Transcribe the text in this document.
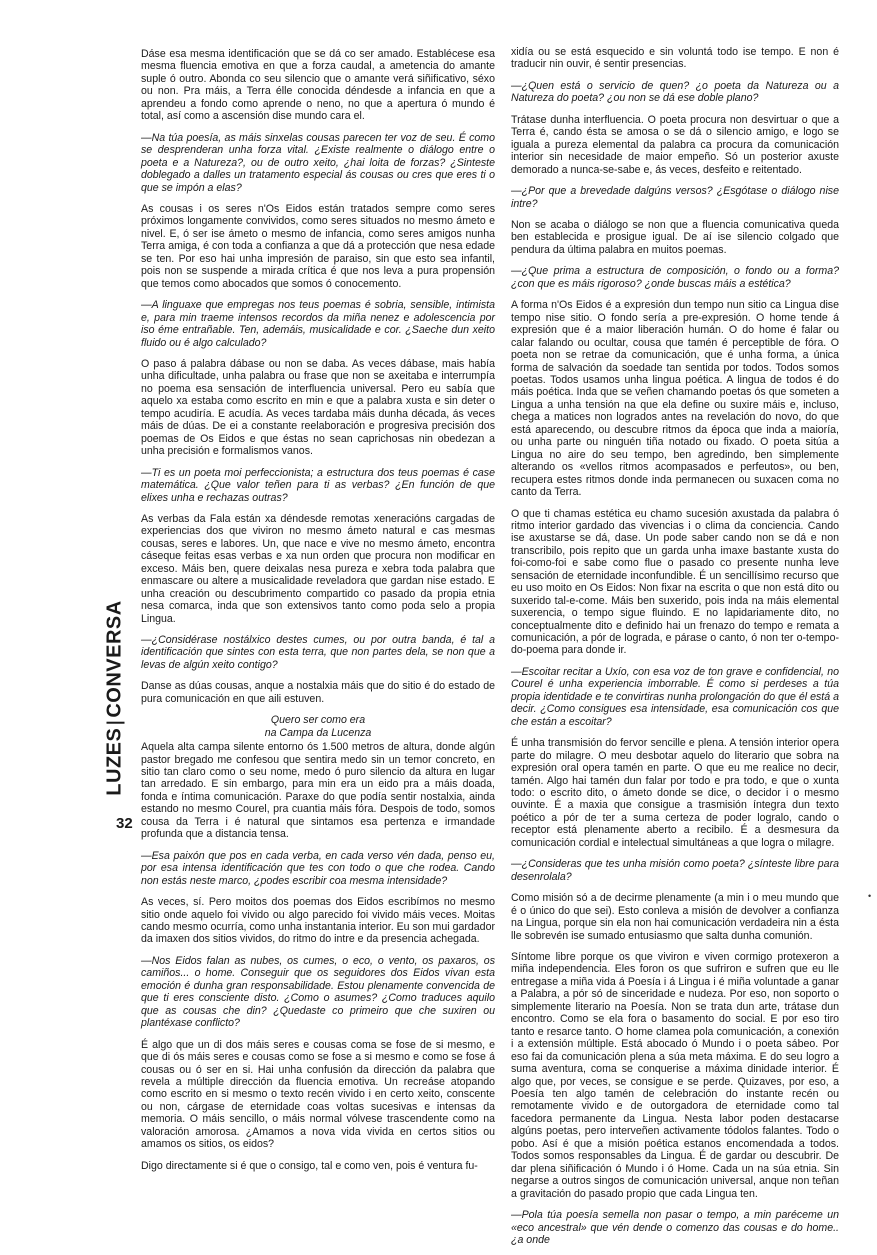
Dáse esa mesma identificación que se dá co ser amado. Establécese esa mesma fluencia emotiva en que a forza caudal, a ametencia do amante suple ó outro. Abonda co seu silencio que o amante verá siñificativo, séxo ou non. Pra máis, a Terra élle conocida déndesde a infancia en que a aprendeu a fondo como aprende o neno, no que a apertura ó mundo é total, así como a ascensión dise mundo cara el.

—Na túa poesía, as máis sinxelas cousas parecen ter voz de seu. É como se desprenderan unha forza vital. ¿Existe realmente o diálogo entre o poeta e a Natureza?, ou de outro xeito, ¿hai loita de forzas? ¿Sinteste doblegado a dalles un tratamento especial ás cousas ou cres que eres ti o que se impón a elas?

As cousas i os seres n'Os Eidos están tratados sempre como seres próximos longamente convividos, como seres situados no mesmo ámeto e nivel. E, ó ser ise ámeto o mesmo de infancia, como seres amigos nunha Terra amiga, é con toda a confianza a que dá a protección que nesa edade se ten. Por eso hai unha impresión de paraiso, sin que esto sea infantil, pois non se suspende a mirada crítica é que nos leva a pura propensión que temos como abocados que somos ó conocemento.

—A linguaxe que empregas nos teus poemas é sobria, sensible, intimista e, para min traeme intensos recordos da miña nenez e adolescencia por iso éme entrañable. Ten, ademáis, musicalidade e cor. ¿Saeche dun xeito fluido ou é algo calculado?

O paso á palabra dábase ou non se daba. As veces dábase, mais había unha dificultade, unha palabra ou frase que non se axeitaba e interrumpía no poema esa sensación de interfluencia universal. Pero eu sabía que aquelo xa estaba como escrito en min e que a palabra xusta e sin deter o tempo acudiría. E acudía. As veces tardaba máis dunha década, ás veces máis de dúas. De ei a constante reelaboración e progresiva precisión dos poemas de Os Eidos e que éstas no sean caprichosas nin obedezan a unha precisión e formalismos vanos.

—Ti es un poeta moi perfeccionista; a estructura dos teus poemas é case matemática. ¿Que valor teñen para ti as verbas? ¿En función de que elixes unha e rechazas outras?

As verbas da Fala están xa déndesde remotas xeneracións cargadas de experiencias dos que viviron no mesmo ámeto natural e cas mesmas cousas, seres e labores. Un, que nace e vive no mesmo ámeto, encontra cáseque feitas esas verbas e xa nun orden que procura non modificar en exceso. Máis ben, quere deixalas nesa pureza e xebra toda palabra que enmascare ou altere a musicalidade reveladora que gardan nise estado. E unha creación ou descubrimento compartido co pasado da propia etnia nesa comarca, inda que son extensivos tanto como poda selo a propia Lingua.

—¿Considérase nostálxico destes cumes, ou por outra banda, é tal a identificación que sintes con esta terra, que non partes dela, se non que a levas de algún xeito contigo?

Danse as dúas cousas, anque a nostalxia máis que do sitio é do estado de pura comunicación en que aili estuven.

Quero ser como era
na Campa da Lucenza

Aquela alta campa silente entorno ós 1.500 metros de altura, donde algún pastor bregado me confesou que sentira medo sin un temor concreto, en sitio tan claro como o seu nome, medo ó puro silencio da altura en lugar tan arredado. E sin embargo, para min era un eido pra a máis doada, fonda e íntima comunicación. Paraxe do que podía sentir nostalxia, ainda estando no mesmo Courel, pra cuantia máis fóra. Despois de todo, somos cousa da Terra i é natural que sintamos esa pertenza e irmandade profunda que a distancia tensa.

—Esa paixón que pos en cada verba, en cada verso vén dada, penso eu, por esa intensa identificación que tes con todo o que che rodea. Cando non estás neste marco, ¿podes escribir coa mesma intensidade?

As veces, sí. Pero moitos dos poemas dos Eidos escribímos no mesmo sitio onde aquelo foi vivido ou algo parecido foi vivido máis veces. Moitas cando mesmo ocurría, como unha instantania interior. Eu son mui gardador da imaxen dos sitios vividos, do ritmo do intre e da presencia achegada.

—Nos Eidos falan as nubes, os cumes, o eco, o vento, os paxaros, os camiños... o home. Conseguir que os seguidores dos Eidos vivan esta emoción é dunha gran responsabilidade. Estou plenamente convencida de que ti eres consciente disto. ¿Como o asumes? ¿Como traduces aquilo que as cousas che din? ¿Quedaste co primeiro que che suxiren ou plantéxase conflicto?

É algo que un di dos máis seres e cousas coma se fose de si mesmo, e que di ós máis seres e cousas como se fose a si mesmo e como se fose á cousas ou ó ser en si. Hai unha confusión da dirección da palabra que revela a múltiple dirección da fluencia emotiva. Un recreáse atopando como escrito en si mesmo o texto recén vivido i en certo xeito, conscente ou non, cárgase de eternidade coas voltas sucesivas e intensas da memoria. O máis sencillo, o máis normal vólvese trascendente como na valoración amorosa. ¿Amamos a nova vida vivida en certos sitios ou amamos os sitios, os eidos?

Digo directamente si é que o consigo, tal e como ven, pois é ventura fu-

xidía ou se está esquecido e sin voluntá todo ise tempo. E non é traducir nin ouvir, é sentir presencias.

—¿Quen está o servicio de quen? ¿o poeta da Natureza ou a Natureza do poeta? ¿ou non se dá ese doble plano?

Trátase dunha interfluencia. O poeta procura non desvirtuar o que a Terra é, cando ésta se amosa o se dá o silencio amigo, e logo se iguala a pureza elemental da palabra ca procura da comunicación interior sin necesidade de maior empeño. Só un posterior axuste demorado a nunca-se-sabe e, ás veces, desfeito e reitentado.

—¿Por que a brevedade dalgúns versos? ¿Esgótase o diálogo nise intre?

Non se acaba o diálogo se non que a fluencia comunicativa queda ben establecida e prosigue igual. De aí ise silencio colgado que pendura da última palabra en muitos poemas.

—¿Que prima a estructura de composición, o fondo ou a forma? ¿con que es máis rigoroso? ¿onde buscas máis a estética?

A forma n'Os Eidos é a expresión dun tempo nun sitio ca Lingua dise tempo nise sitio. O fondo sería a pre-expresión. O home tende á expresión que é a maior liberación humán. O do home é falar ou calar falando ou ocultar, cousa que tamén é perceptible de fóra. O poeta non se retrae da comunicación, que é unha forma, a única forma de salvación da soedade tan sentida por todos. Todos somos poetas. Todos usamos unha lingua poética. A lingua de todos é do máis poética. Inda que se veñen chamando poetas ós que someten a Lingua a unha tensión na que ela define ou suxire máis e, incluso, chega a matices non logrados antes na revelación do novo, do que está aparecendo, ou descubre ritmos da época que inda a maioría, ou unha parte ou ninguén tiña notado ou fixado. O poeta sitúa a Lingua no aire do seu tempo, ben agredindo, ben simplemente alterando os «vellos ritmos acompasados e perfeutos», ou ben, recupera estes ritmos donde inda permanecen ou suxacen coma no canto da Terra.

O que ti chamas estética eu chamo sucesión axustada da palabra ó ritmo interior gardado das vivencias i o clima da conciencia. Cando ise axustarse se dá, dase. Un pode saber cando non se dá e non transcribilo, pois repito que un garda unha imaxe bastante xusta do foi-como-foi e sabe como flue o pasado co presente nunha leve sensación de eternidade inconfundible. É un sencillísimo recurso que eu uso moito en Os Eidos: Non fixar na escrita o que non está dito ou suxerido tal-e-come. Máis ben suxerido, pois inda na máis elemental suxerencia, o tempo sigue fluindo. E no lapidariamente dito, no conceptualmente dito e definido hai un frenazo do tempo e remata a comunicación, a pór de lograda, e párase o canto, ó non ter o-tempo-do-poema para donde ir.

—Escoitar recitar a Uxío, con esa voz de ton grave e confidencial, no Courel é unha experiencia imborrable. É como si perdeses a túa propia identidade e te convirtiras nunha prolongación do que él está a decir. ¿Como consigues esa intensidade, esa comunicación cos que che están a escoitar?

É unha transmisión do fervor sencille e plena. A tensión interior opera parte do milagre. O meu desbotar aquelo do literario que sobra na expresión oral opera tamén en parte. O que eu me realice no decir, tamén. Algo hai tamén dun falar por todo e pra todo, e que o xunta todo: o escrito dito, o ámeto donde se dice, o decidor i o mesmo ouvinte. É a maxia que consigue a trasmisión íntegra dun texto poético a pór de ter a suma certeza de poder logralo, cando o receptor está plenamente aberto a recibilo. É a desmesura da comunicación cordial e intelectual simultáneas a que logra o milagre.

—¿Consideras que tes unha misión como poeta? ¿sínteste libre para desenrolala?

Como misión só a de decirme plenamente (a min i o meu mundo que é o único do que sei). Esto conleva a misión de devolver a confianza na Lingua, porque sin ela non hai comunicación verdadeira nin a ésta lle sobrevén ise sumado entusiasmo que salta dunha comunión.

Síntome libre porque os que viviron e viven cormigo protexeron a miña independencia. Eles foron os que sufriron e sufren que eu lle entregase a miña vida á Poesía i á Lingua i é miña voluntade a ganar a Palabra, a pór só de sinceridade e nudeza. Por eso, non soporto o simplemente literario na Poesía. Non se trata dun arte, trátase dun encontro. Como se ela fora o basamento do social. E por eso tiro tanto e resarce tanto. O home clamea pola comunicación, a conexión i a extensión múltiple. Está abocado ó Mundo i o poeta sábeo. Por eso fai da comunicación plena a súa meta máxima. E do seu logro a suma aventura, coma se conquerise a máxima dinidade interior. É algo que, por veces, se consigue e se perde. Quizaves, por eso, a Poesía ten algo tamén de celebración do instante recén ou remotamente vivido e de outorgadora de eternidade como tal facedora permanente da Lingua. Nesta labor poden destacarse algúns poetas, pero interveñen activamente tódolos falantes. Todo o pobo. Así é que a misión poética estanos encomendada a todos. Todos somos responsables da Lingua. É de gardar ou descubrir. De dar plena siñificación ó Mundo i ó Home. Cada un na súa etnia. Sin negarse a outros singos de comunicación universal, anque non teñan a gravitación do pasado propio que cada Lingua ten.

—Pola túa poesía semella non pasar o tempo, a min paréceme un «eco ancestral» que vén dende o comenzo das cousas e do home.. ¿a onde

LUZESCONVERSA
32
•
